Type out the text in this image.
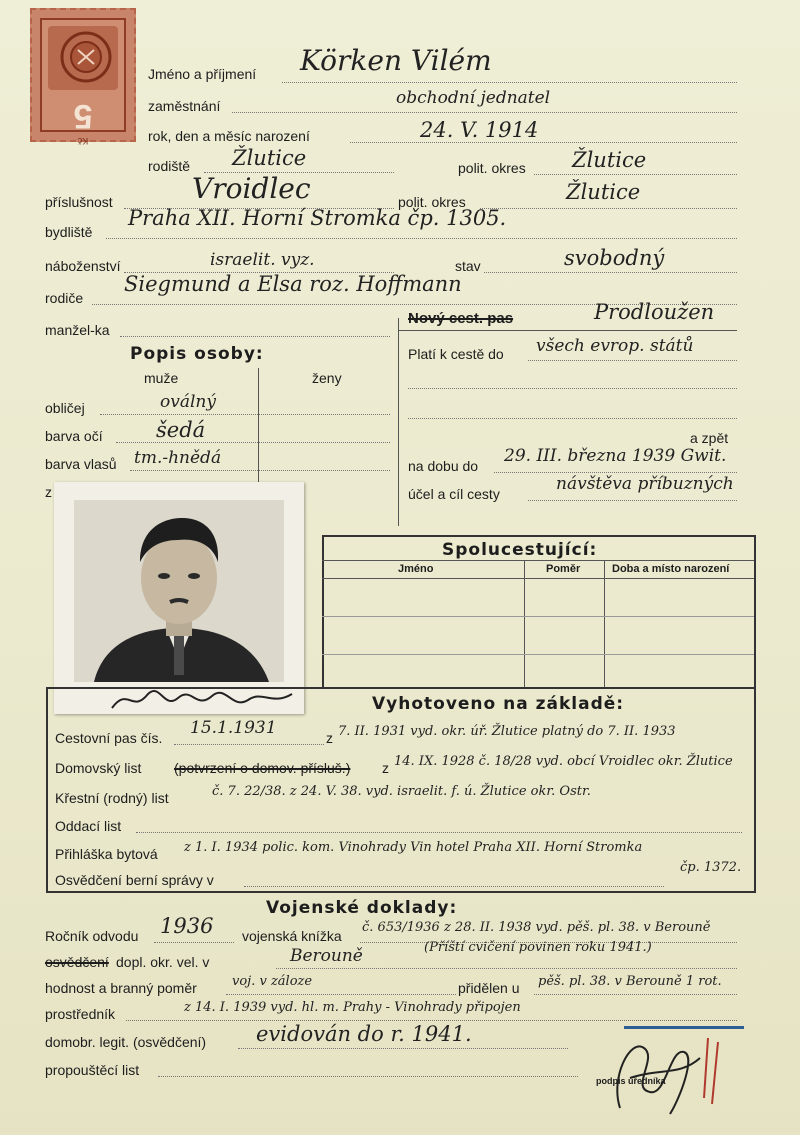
5
Kč
Jméno a příjmení Körken Vilém
zaměstnání	obchodní jednatel
rok, den a měsíc narození	24. V. 1914
rodiště Žlutice	polit. okres Žlutice
příslušnost	Vroidlec	polit. okres	Žlutice
bydliště
Praha XII. Horní Stromka čp. 1305.
náboženství	israelit. vyz.	stav	svobodný
rodiče
Siegmund a Elsa roz. Hoffmann
manžel-ka
Nový cest. pas	Prodloužen
Platí k cestě do všech evrop. států
a zpět
na dobu do 29. III. března 1939 Gwit.
účel a cíl cesty	návštěva příbuzných
Popis osoby:
muže	ženy
obličej	oválný
barva očí	šedá
barva vlasů tm.-hnědá
z
Spolucestující:
Jméno	Poměr	Doba a místo narození
Vyhotoveno na základě:
Cestovní pas čís. 15.1.1931	z 7. II. 1931 vyd. okr. úř. Žlutice platný do 7. II. 1933
Domovský list (potvrzení o domov. přísluš.) z 14. IX. 1928 č. 18/28 vyd. obcí Vroidlec okr. Žlutice
Křestní (rodný) list	č. 7. 22/38. z 24. V. 38. vyd. israelit. f. ú. Žlutice okr. Ostr.
Oddací list
Přihláška bytová z 1. I. 1934 polic. kom. Vinohrady Vin hotel Praha XII. Horní Stromka
čp. 1372.
Osvědčení berní správy v
Vojenské doklady:
Ročník odvodu 1936 vojenská knížka
č. 653/1936 z 28. II. 1938 vyd. pěš. pl. 38. v Berouně
osvědčení dopl. okr. vel. v	Berouně	(Příští cvičení povinen roku 1941.)
hodnost a branný poměr	voj. v záloze	přidělen u pěš. pl. 38. v Berouně 1 rot.
prostředník	z 14. I. 1939 vyd. hl. m. Prahy - Vinohrady připojen
domobr. legit. (osvědčení) evidován do r. 1941.
propouštěcí list
podpis úředníka
